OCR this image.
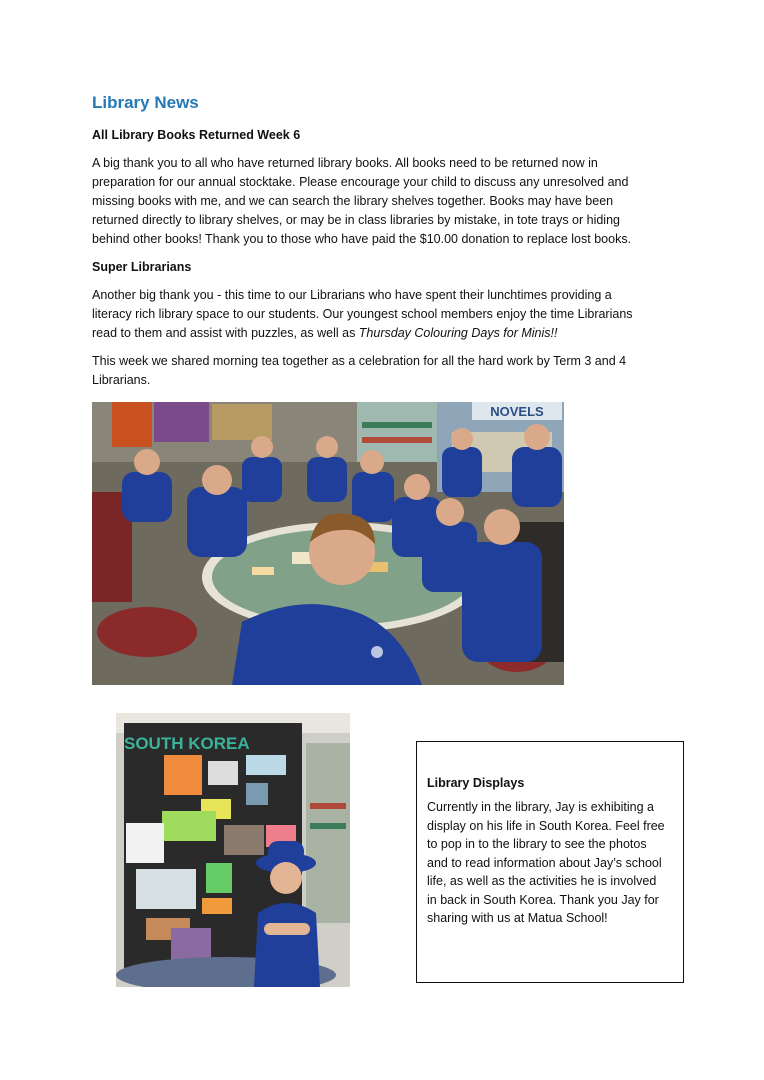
Library News
All Library Books Returned Week 6
A big thank you to all who have returned library books. All books need to be returned now in
preparation for our annual stocktake. Please encourage your child to discuss any unresolved and
missing books with me, and we can search the library shelves together. Books may have been
returned directly to library shelves, or may be in class libraries by mistake, in tote trays or hiding
behind other books! Thank you to those who have paid the $10.00 donation to replace lost books.
Super Librarians
Another big thank you - this time to our Librarians who have spent their lunchtimes providing a
literacy rich library space to our students. Our youngest school members enjoy the time Librarians
read to them and assist with puzzles, as well as Thursday Colouring Days for Minis!!
This week we shared morning tea together as a celebration for all the hard work by Term 3 and 4
Librarians.
NOVELS
SOUTH KOREA
Library Displays

Currently in the library, Jay is exhibiting a
display on his life in South Korea. Feel free
to pop in to the library to see the photos
and to read information about Jay’s school
life, as well as the activities he is involved
in back in South Korea. Thank you Jay for
sharing with us at Matua School!
